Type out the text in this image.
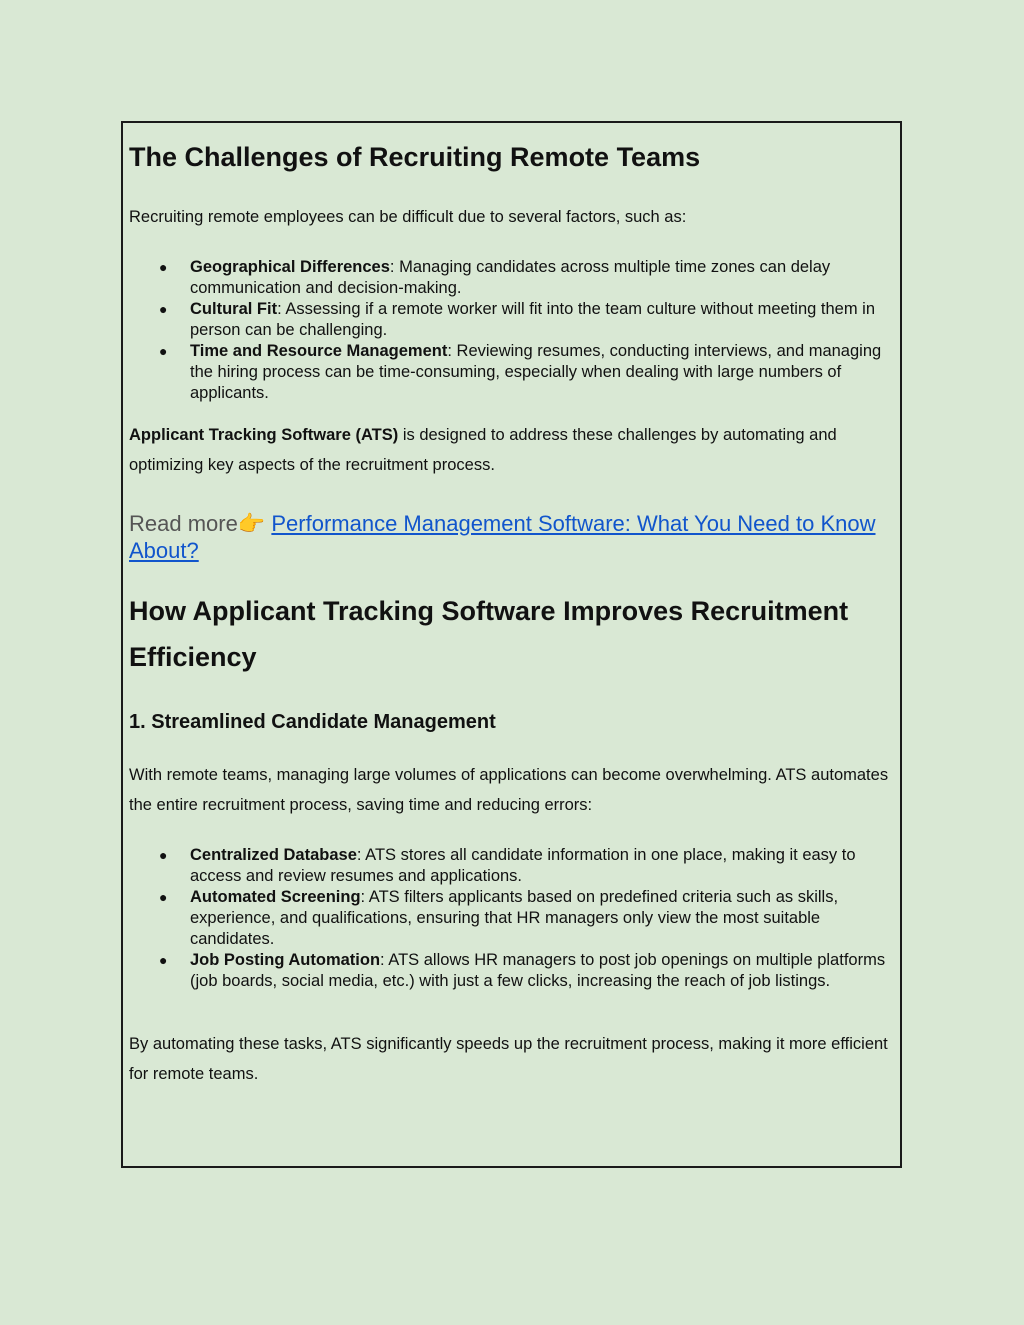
The Challenges of Recruiting Remote Teams

Recruiting remote employees can be difficult due to several factors, such as:

● Geographical Differences: Managing candidates across multiple time zones can delay communication and decision-making.
● Cultural Fit: Assessing if a remote worker will fit into the team culture without meeting them in person can be challenging.
● Time and Resource Management: Reviewing resumes, conducting interviews, and managing the hiring process can be time-consuming, especially when dealing with large numbers of applicants.

Applicant Tracking Software (ATS) is designed to address these challenges by automating and optimizing key aspects of the recruitment process.

Read more👉 Performance Management Software: What You Need to Know About?

How Applicant Tracking Software Improves Recruitment Efficiency
1. Streamlined Candidate Management

With remote teams, managing large volumes of applications can become overwhelming. ATS automates the entire recruitment process, saving time and reducing errors:

● Centralized Database: ATS stores all candidate information in one place, making it easy to access and review resumes and applications.
● Automated Screening: ATS filters applicants based on predefined criteria such as skills, experience, and qualifications, ensuring that HR managers only view the most suitable candidates.
● Job Posting Automation: ATS allows HR managers to post job openings on multiple platforms (job boards, social media, etc.) with just a few clicks, increasing the reach of job listings.

By automating these tasks, ATS significantly speeds up the recruitment process, making it more efficient for remote teams.
